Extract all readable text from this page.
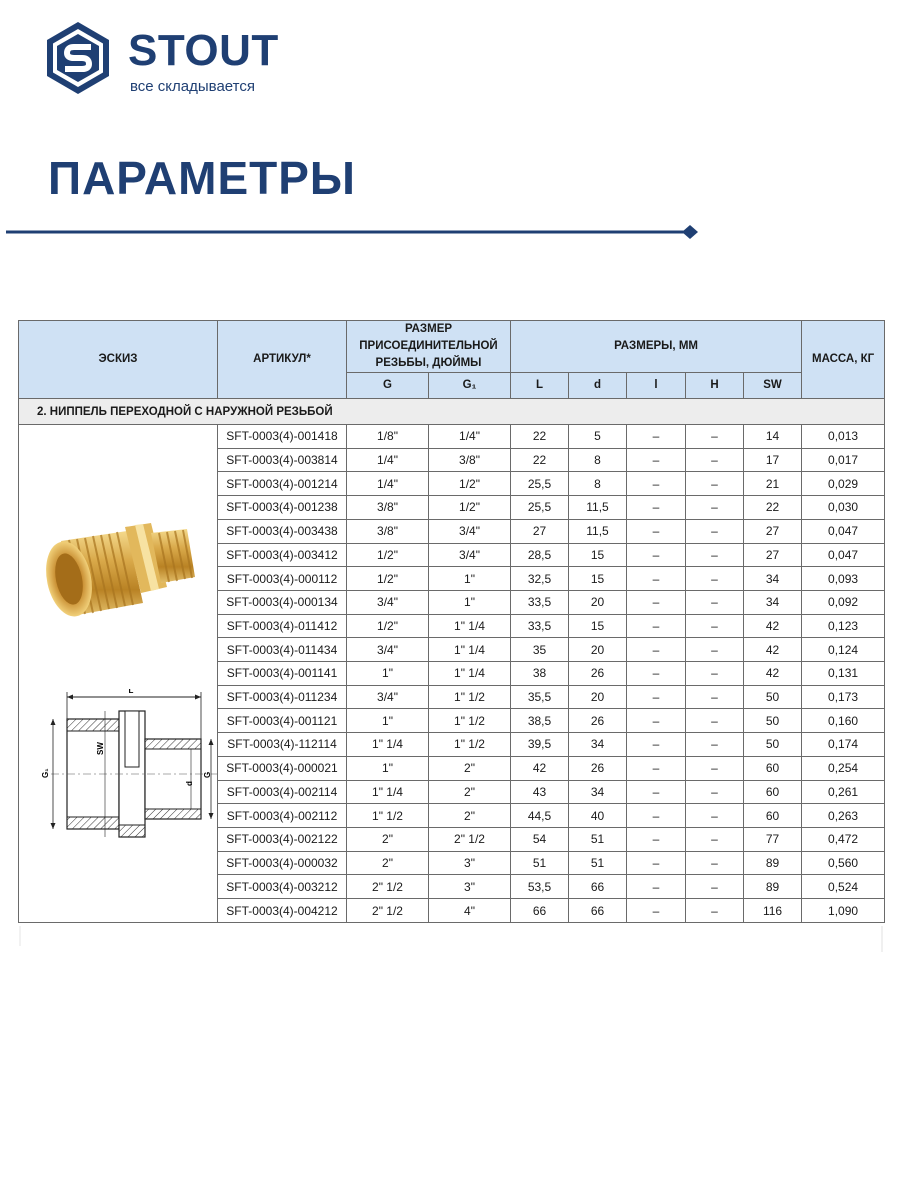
STOUT
все складывается
ПАРАМЕТРЫ
ЭСКИЗ	АРТИКУЛ*	РАЗМЕР ПРИСОЕДИНИТЕЛЬНОЙ РЕЗЬБЫ, ДЮЙМЫ		РАЗМЕРЫ, ММ					МАССА, КГ
		G	G₁	L	d	l	H	SW	
2. НИППЕЛЬ ПЕРЕХОДНОЙ С НАРУЖНОЙ РЕЗЬБОЙ									

L
G₁
SW
d
G	SFT-0003(4)-001418	1/8"	1/4"	22	5	–	–	14	0,013
	SFT-0003(4)-003814	1/4"	3/8"	22	8	–	–	17	0,017
	SFT-0003(4)-001214	1/4"	1/2"	25,5	8	–	–	21	0,029
	SFT-0003(4)-001238	3/8"	1/2"	25,5	11,5	–	–	22	0,030
	SFT-0003(4)-003438	3/8"	3/4"	27	11,5	–	–	27	0,047
	SFT-0003(4)-003412	1/2"	3/4"	28,5	15	–	–	27	0,047
	SFT-0003(4)-000112	1/2"	1"	32,5	15	–	–	34	0,093
	SFT-0003(4)-000134	3/4"	1"	33,5	20	–	–	34	0,092
	SFT-0003(4)-011412	1/2"	1" 1/4	33,5	15	–	–	42	0,123
	SFT-0003(4)-011434	3/4"	1" 1/4	35	20	–	–	42	0,124
	SFT-0003(4)-001141	1"	1" 1/4	38	26	–	–	42	0,131
	SFT-0003(4)-011234	3/4"	1" 1/2	35,5	20	–	–	50	0,173
	SFT-0003(4)-001121	1"	1" 1/2	38,5	26	–	–	50	0,160
	SFT-0003(4)-112114	1" 1/4	1" 1/2	39,5	34	–	–	50	0,174
	SFT-0003(4)-000021	1"	2"	42	26	–	–	60	0,254
	SFT-0003(4)-002114	1" 1/4	2"	43	34	–	–	60	0,261
	SFT-0003(4)-002112	1" 1/2	2"	44,5	40	–	–	60	0,263
	SFT-0003(4)-002122	2"	2" 1/2	54	51	–	–	77	0,472
	SFT-0003(4)-000032	2"	3"	51	51	–	–	89	0,560
	SFT-0003(4)-003212	2" 1/2	3"	53,5	66	–	–	89	0,524
	SFT-0003(4)-004212	2" 1/2	4"	66	66	–	–	116	1,090
